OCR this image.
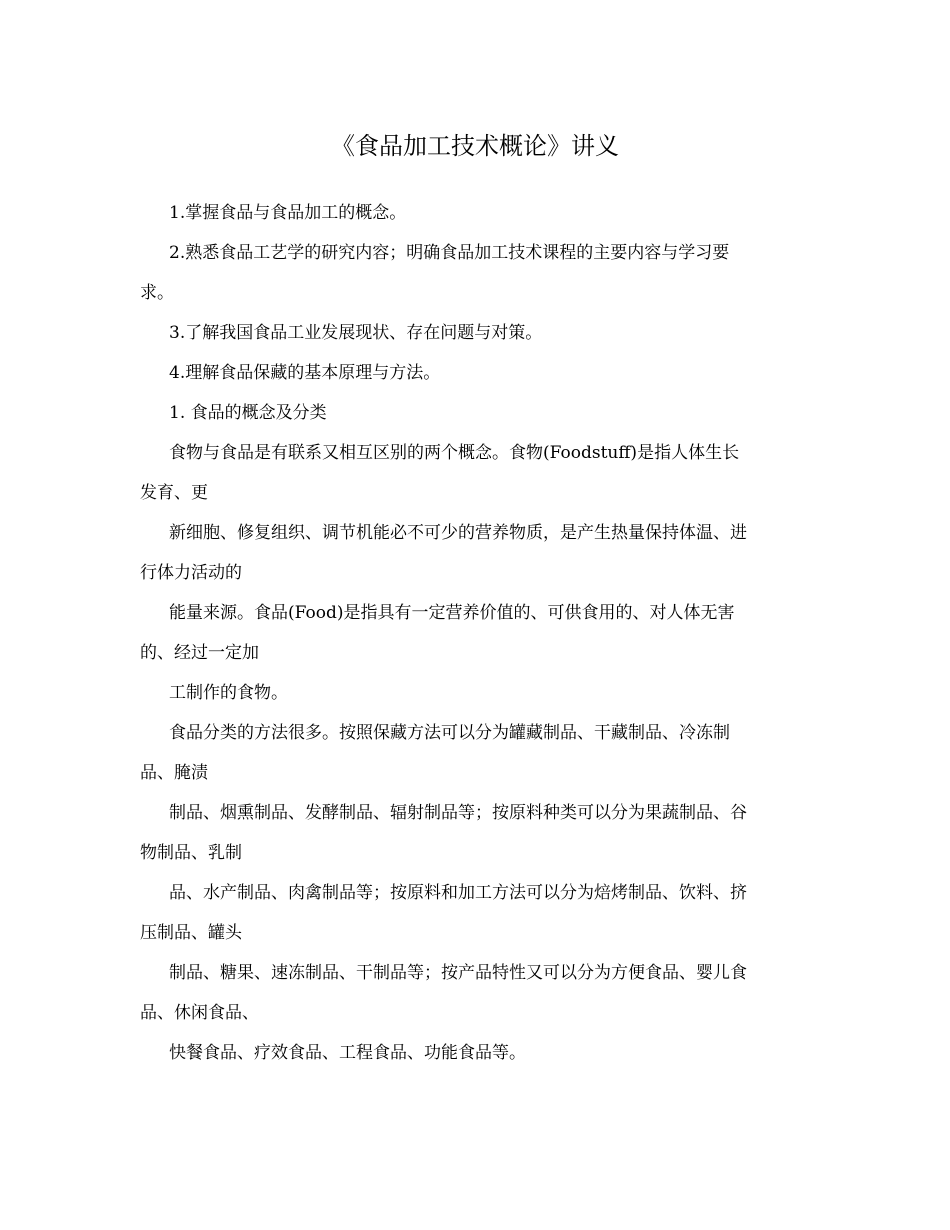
《食品加工技术概论》讲义
1.掌握食品与食品加工的概念。
2.熟悉食品工艺学的研究内容；明确食品加工技术课程的主要内容与学习要
求。
3.了解我国食品工业发展现状、存在问题与对策。
4.理解食品保藏的基本原理与方法。
1. 食品的概念及分类
食物与食品是有联系又相互区别的两个概念。食物(Foodstuff)是指人体生长
发育、更
新细胞、修复组织、调节机能必不可少的营养物质，是产生热量保持体温、进
行体力活动的
能量来源。食品(Food)是指具有一定营养价值的、可供食用的、对人体无害
的、经过一定加
工制作的食物。
食品分类的方法很多。按照保藏方法可以分为罐藏制品、干藏制品、冷冻制
品、腌渍
制品、烟熏制品、发酵制品、辐射制品等；按原料种类可以分为果蔬制品、谷
物制品、乳制
品、水产制品、肉禽制品等；按原料和加工方法可以分为焙烤制品、饮料、挤
压制品、罐头
制品、糖果、速冻制品、干制品等；按产品特性又可以分为方便食品、婴儿食
品、休闲食品、
快餐食品、疗效食品、工程食品、功能食品等。
